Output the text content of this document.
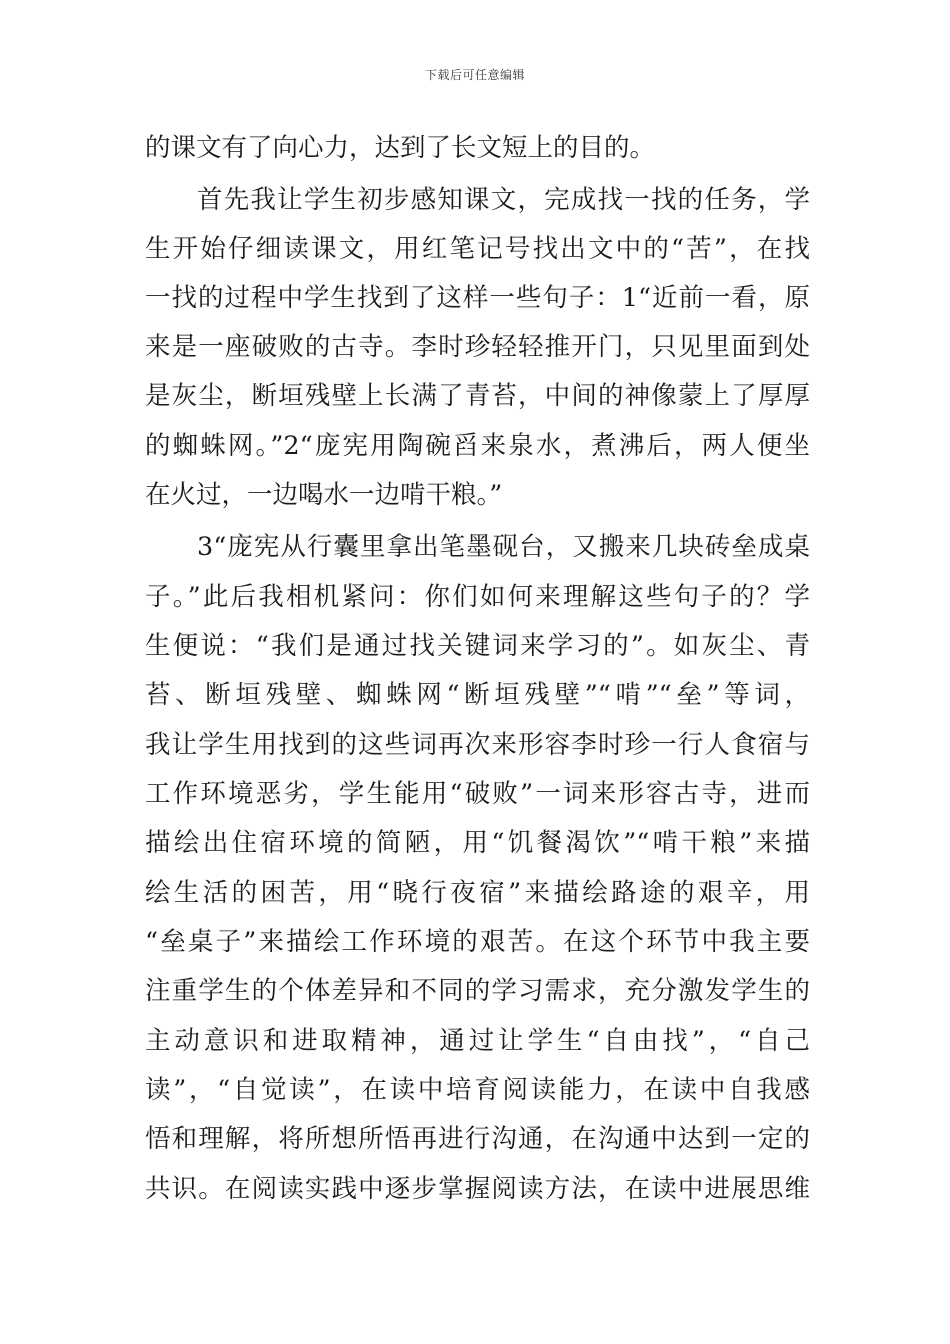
下载后可任意编辑
的课文有了向心力，达到了长文短上的目的。
首先我让学生初步感知课文，完成找一找的任务，学
生开始仔细读课文，用红笔记号找出文中的“苦”，在找
一找的过程中学生找到了这样一些句子：1“近前一看，原
来是一座破败的古寺。李时珍轻轻推开门，只见里面到处
是灰尘，断垣残壁上长满了青苔，中间的神像蒙上了厚厚
的蜘蛛网。”2“庞宪用陶碗舀来泉水，煮沸后，两人便坐
在火过，一边喝水一边啃干粮。”
3“庞宪从行囊里拿出笔墨砚台，又搬来几块砖垒成桌
子。”此后我相机紧问：你们如何来理解这些句子的？学
生便说：“我们是通过找关键词来学习的”。如灰尘、青
苔、断垣残壁、蜘蛛网“断垣残壁”“啃”“垒”等词，
我让学生用找到的这些词再次来形容李时珍一行人食宿与
工作环境恶劣，学生能用“破败”一词来形容古寺，进而
描绘出住宿环境的简陋，用“饥餐渴饮”“啃干粮”来描
绘生活的困苦，用“晓行夜宿”来描绘路途的艰辛，用
“垒桌子”来描绘工作环境的艰苦。在这个环节中我主要
注重学生的个体差异和不同的学习需求，充分激发学生的
主动意识和进取精神，通过让学生“自由找”，“自己
读”，“自觉读”，在读中培育阅读能力，在读中自我感
悟和理解，将所想所悟再进行沟通，在沟通中达到一定的
共识。在阅读实践中逐步掌握阅读方法，在读中进展思维
